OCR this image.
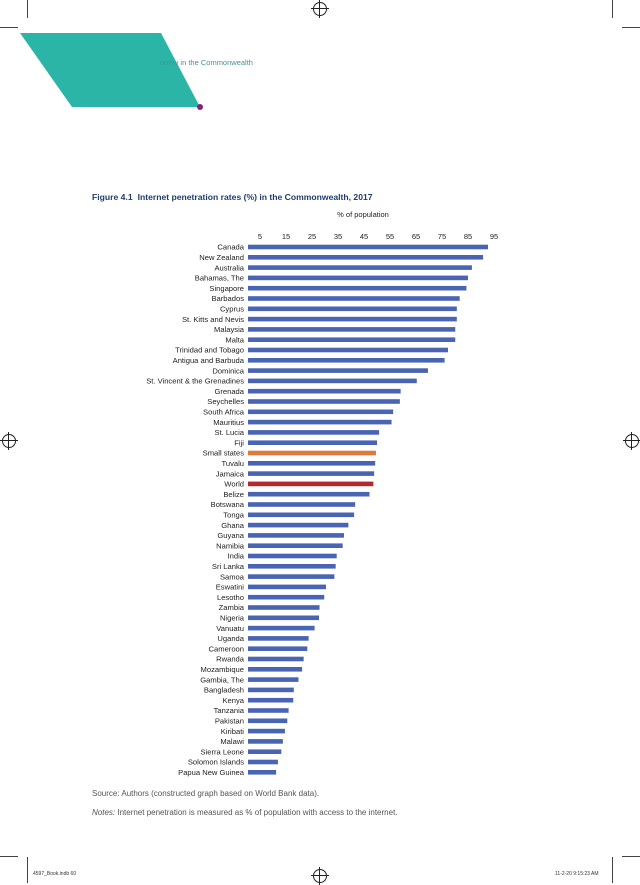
nomy in the Commonwealth
Figure 4.1 Internet penetration rates (%) in the Commonwealth, 2017
% of population
5	15 25 35 45 55 65 75 85 95
Canada
New Zealand
Australia
Bahamas, The
Singapore
Barbados
Cyprus
St. Kitts and Nevis
Malaysia
Malta
Trinidad and Tobago
Antigua and Barbuda
Dominica
St. Vincent & the Grenadines
Grenada
Seychelles
South Africa
Mauritius
St. Lucia
Fiji
Small states
Tuvalu
Jamaica
World
Belize
Botswana
Tonga
Ghana
Guyana
Namibia
India
Sri Lanka
Samoa
Eswatini
Lesotho
Zambia
Nigeria
Vanuatu
Uganda
Cameroon
Rwanda
Mozambique
Gambia, The
Bangladesh
Kenya
Tanzania
Pakistan
Kiribati
Malawi
Sierra Leone
Solomon Islands
Papua New Guinea
Source: Authors (constructed graph based on World Bank data).
Notes: Internet penetration is measured as % of population with access to the internet.
4597_Book.indb 60	11-2-20 9:15:23 AM
